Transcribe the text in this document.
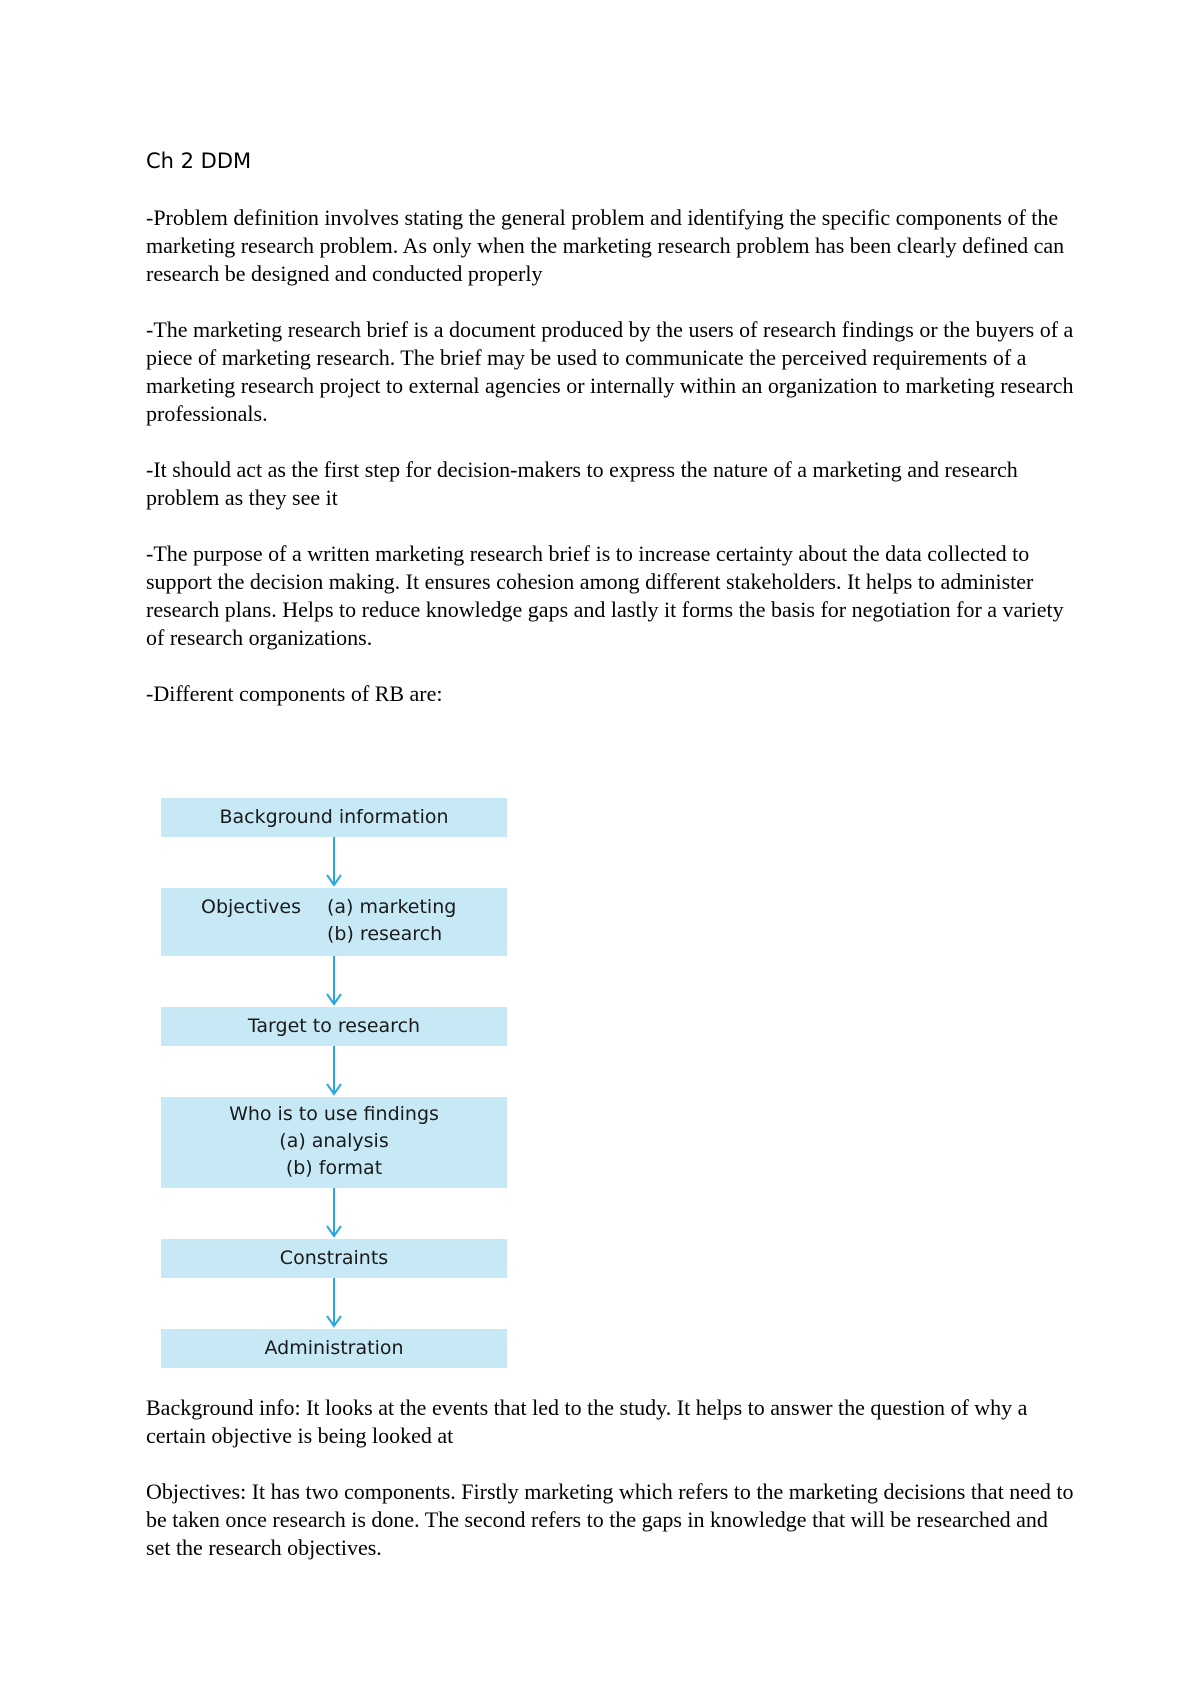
Ch 2 DDM

-Problem definition involves stating the general problem and identifying the specific components of the marketing research problem. As only when the marketing research problem has been clearly defined can research be designed and conducted properly

-The marketing research brief is a document produced by the users of research findings or the buyers of a piece of marketing research. The brief may be used to communicate the perceived requirements of a marketing research project to external agencies or internally within an organization to marketing research professionals.

-It should act as the first step for decision-makers to express the nature of a marketing and research problem as they see it

-The purpose of a written marketing research brief is to increase certainty about the data collected to support the decision making. It ensures cohesion among different stakeholders. It helps to administer research plans. Helps to reduce knowledge gaps and lastly it forms the basis for negotiation for a variety of research organizations.

-Different components of RB are:

Background information
Objectives	(a) marketing
(b) research
Target to research
Who is to use findings
(a) analysis
(b) format
Constraints
Administration

Background info: It looks at the events that led to the study. It helps to answer the question of why a certain objective is being looked at

Objectives: It has two components. Firstly marketing which refers to the marketing decisions that need to be taken once research is done. The second refers to the gaps in knowledge that will be researched and set the research objectives.
